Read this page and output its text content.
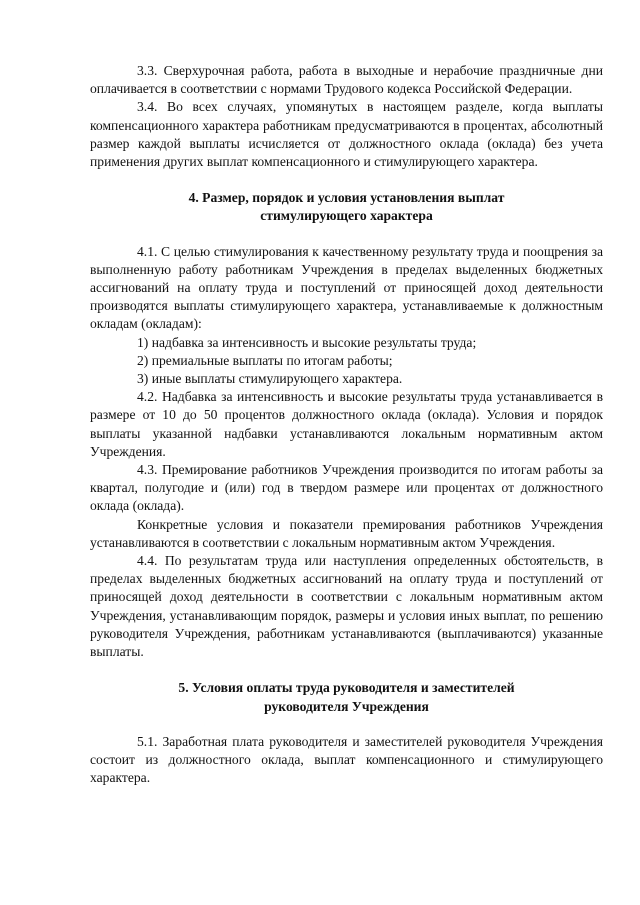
3.3. Сверхурочная работа, работа в выходные и нерабочие праздничные дни оплачивается в соответствии с нормами Трудового кодекса Российской Федерации.

3.4. Во всех случаях, упомянутых в настоящем разделе, когда выплаты компенсационного характера работникам предусматриваются в процентах, абсолютный размер каждой выплаты исчисляется от должностного оклада (оклада) без учета применения других выплат компенсационного и стимулирующего характера.

4. Размер, порядок и условия установления выплат
стимулирующего характера

4.1. С целью стимулирования к качественному результату труда и поощрения за выполненную работу работникам Учреждения в пределах выделенных бюджетных ассигнований на оплату труда и поступлений от приносящей доход деятельности производятся выплаты стимулирующего характера, устанавливаемые к должностным окладам (окладам):

1) надбавка за интенсивность и высокие результаты труда;

2) премиальные выплаты по итогам работы;

3) иные выплаты стимулирующего характера.

4.2. Надбавка за интенсивность и высокие результаты труда устанавливается в размере от 10 до 50 процентов должностного оклада (оклада). Условия и порядок выплаты указанной надбавки устанавливаются локальным нормативным актом Учреждения.

4.3. Премирование работников Учреждения производится по итогам работы за квартал, полугодие и (или) год в твердом размере или процентах от должностного оклада (оклада).

Конкретные условия и показатели премирования работников Учреждения устанавливаются в соответствии с локальным нормативным актом Учреждения.

4.4. По результатам труда или наступления определенных обстоятельств, в пределах выделенных бюджетных ассигнований на оплату труда и поступлений от приносящей доход деятельности в соответствии с локальным нормативным актом Учреждения, устанавливающим порядок, размеры и условия иных выплат, по решению руководителя Учреждения, работникам устанавливаются (выплачиваются) указанные выплаты.

5. Условия оплаты труда руководителя и заместителей
руководителя Учреждения

5.1. Заработная плата руководителя и заместителей руководителя Учреждения состоит из должностного оклада, выплат компенсационного и стимулирующего характера.
